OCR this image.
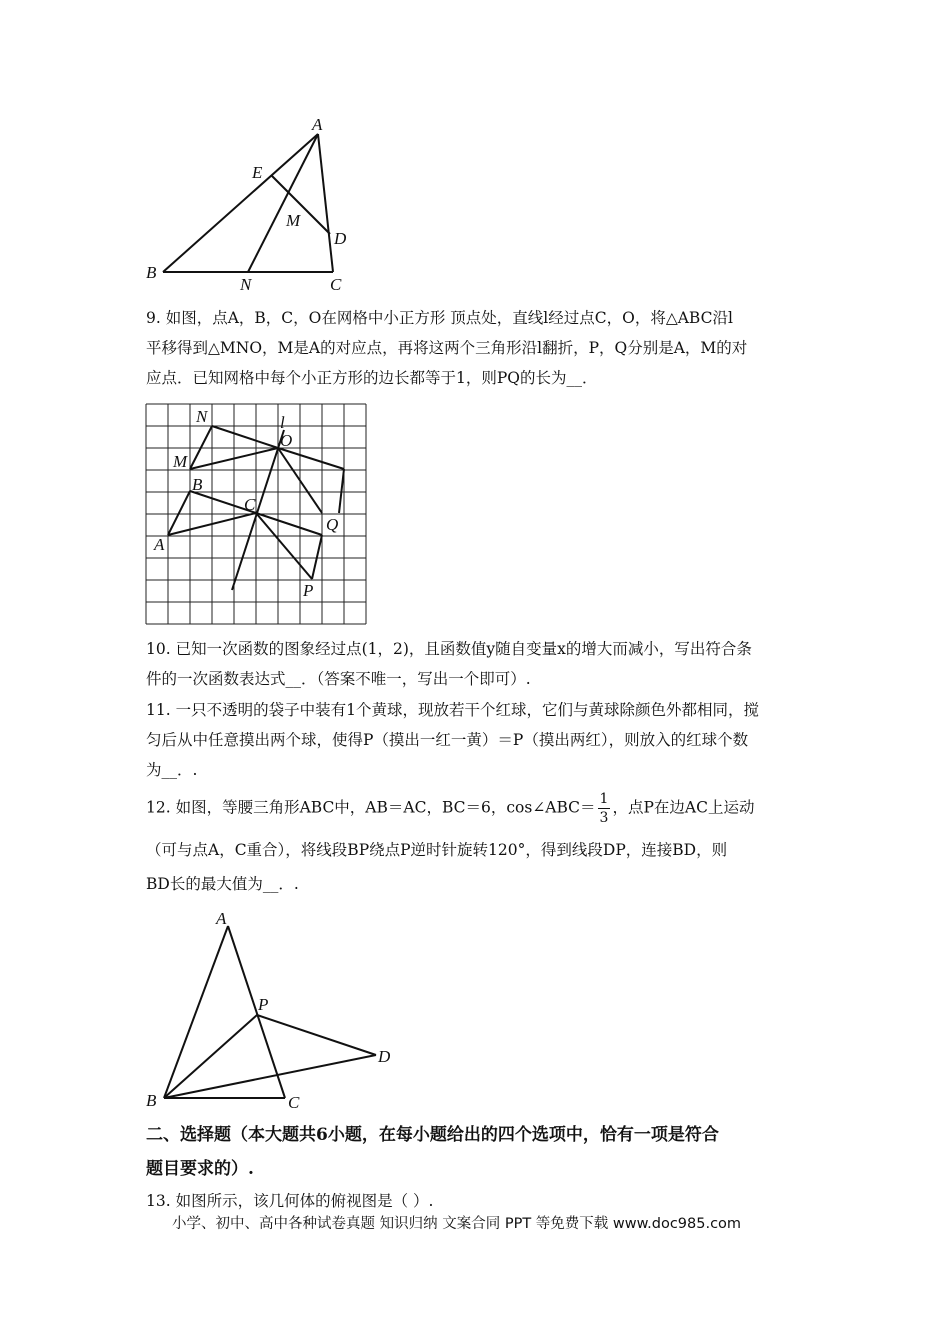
A
E
M
D
B
N	C

9. 如图，点A，B，C，O在网格中小正方形 顶点处，直线l经过点C，O，将△ABC沿l

平移得到△MNO，M是A的对应点，再将这两个三角形沿l翻折，P，Q分别是A，M的对

应点．已知网格中每个小正方形的边长都等于1，则PQ的长为__．

N	l
O
M
B
C
A
Q
P

10. 已知一次函数的图象经过点(1，2)，且函数值y随自变量x的增大而减小，写出符合条

件的一次函数表达式__．（答案不唯一，写出一个即可）.

11. 一只不透明的袋子中装有1个黄球，现放若干个红球，它们与黄球除颜色外都相同，搅

匀后从中任意摸出两个球，使得P（摸出一红一黄）＝P（摸出两红），则放入的红球个数

为__．.

12. 如图，等腰三角形ABC中，AB＝AC，BC＝6，cos∠ABC＝ $\frac{1}{3}$ ，点P在边AC上运动

（可与点A，C重合），将线段BP绕点P逆时针旋转120°，得到线段DP，连接BD，则

BD长的最大值为__．.

A
P
D
B	C

二、选择题（本大题共6小题，在每小题给出的四个选项中，恰有一项是符合

题目要求的）.

13. 如图所示，该几何体的俯视图是（ ）.

小学、初中、高中各种试卷真题 知识归纳 文案合同 PPT 等免费下载 www.doc985.com
